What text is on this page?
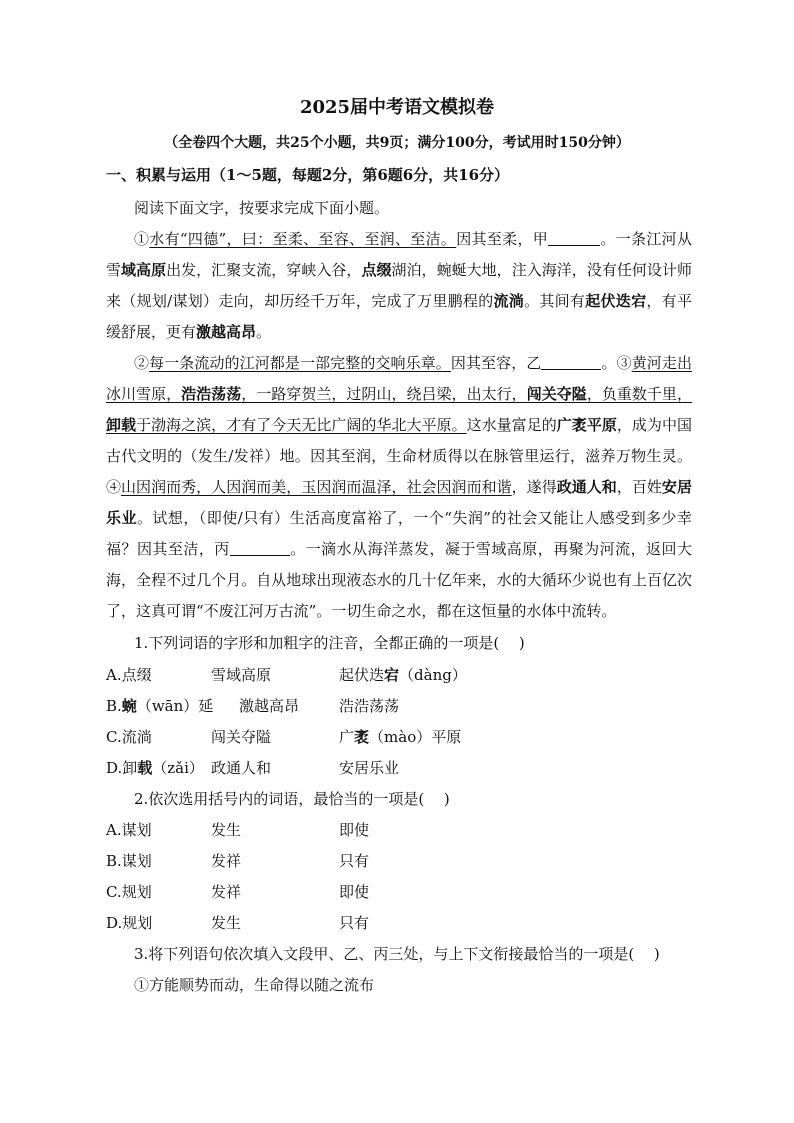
2025届中考语文模拟卷
（全卷四个大题，共25个小题，共9页；满分100分，考试用时150分钟）
一、积累与运用（1～5题，每题2分，第6题6分，共16分）
阅读下面文字，按要求完成下面小题。
①水有“四德”，曰：至柔、至容、至润、至洁。因其至柔，甲	。一条江河从雪域高原出发，汇聚支流，穿峡入谷，点缀湖泊，蜿蜒大地，注入海洋，没有任何设计师来（规划/谋划）走向，却历经千万年，完成了万里鹏程的流淌。其间有起伏迭宕，有平缓舒展，更有激越高昂。
②每一条流动的江河都是一部完整的交响乐章。因其至容，乙	。③黄河走出冰川雪原，浩浩荡荡，一路穿贺兰，过阴山，绕吕梁，出太行，闯关夺隘，负重数千里，卸载于渤海之滨，才有了今天无比广阔的华北大平原。这水量富足的广袤平原，成为中国古代文明的（发生/发祥）地。因其至润，生命材质得以在脉管里运行，滋养万物生灵。④山因润而秀，人因润而美，玉因润而温泽，社会因润而和谐，遂得政通人和，百姓安居乐业。试想，（即使/只有）生活高度富裕了，一个“失润”的社会又能让人感受到多少幸福？因其至洁，丙	。一滴水从海洋蒸发，凝于雪域高原，再聚为河流，返回大海，全程不过几个月。自从地球出现液态水的几十亿年来，水的大循环少说也有上百亿次了，这真可谓“不废江河万古流”。一切生命之水，都在这恒量的水体中流转。
1.下列词语的字形和加粗字的注音，全都正确的一项是(　 )
A.点缀	雪域高原	起伏迭宕（dàng）
B.蜿（wān）延 激越高昂	浩浩荡荡
C.流淌	闯关夺隘	广袤（mào）平原
D.卸载（zǎi） 政通人和	安居乐业
2.依次选用括号内的词语，最恰当的一项是(　 )
A.谋划	发生	即使
B.谋划	发祥	只有
C.规划	发祥	即使
D.规划	发生	只有
3.将下列语句依次填入文段甲、乙、丙三处，与上下文衔接最恰当的一项是(　 )
①方能顺势而动，生命得以随之流布
